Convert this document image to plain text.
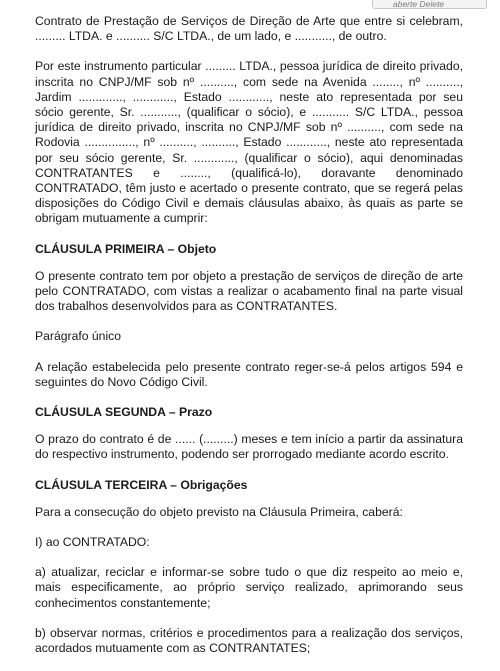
aberte Delete

Contrato de Prestação de Serviços de Direção de Arte que entre si celebram, ......... LTDA. e .......... S/C LTDA., de um lado, e ..........., de outro.

Por este instrumento particular ......... LTDA., pessoa jurídica de direito privado, inscrita no CNPJ/MF sob nº .........., com sede na Avenida ........, nº .........., Jardim ............., ............, Estado ............, neste ato representada por seu sócio gerente, Sr. ..........., (qualificar o sócio), e ........... S/C LTDA., pessoa jurídica de direito privado, inscrita no CNPJ/MF sob nº .........., com sede na Rodovia ..............., nº .........., .........., Estado ............, neste ato representada por seu sócio gerente, Sr. ............, (qualificar o sócio), aqui denominadas CONTRATANTES e ........, (qualificá-lo), doravante denominado CONTRATADO, têm justo e acertado o presente contrato, que se regerá pelas disposições do Código Civil e demais cláusulas abaixo, às quais as parte se obrigam mutuamente a cumprir:

CLÁUSULA PRIMEIRA – Objeto

O presente contrato tem por objeto a prestação de serviços de direção de arte pelo CONTRATADO, com vistas a realizar o acabamento final na parte visual dos trabalhos desenvolvidos para as CONTRATANTES.

Parágrafo único

A relação estabelecida pelo presente contrato reger-se-á pelos artigos 594 e seguintes do Novo Código Civil.

CLÁUSULA SEGUNDA – Prazo

O prazo do contrato é de ...... (.........) meses e tem início a partir da assinatura do respectivo instrumento, podendo ser prorrogado mediante acordo escrito.

CLÁUSULA TERCEIRA – Obrigações

Para a consecução do objeto previsto na Cláusula Primeira, caberá:

I) ao CONTRATADO:

a) atualizar, reciclar e informar-se sobre tudo o que diz respeito ao meio e, mais especificamente, ao próprio serviço realizado, aprimorando seus conhecimentos constantemente;

b) observar normas, critérios e procedimentos para a realização dos serviços, acordados mutuamente com as CONTRANTATES;
